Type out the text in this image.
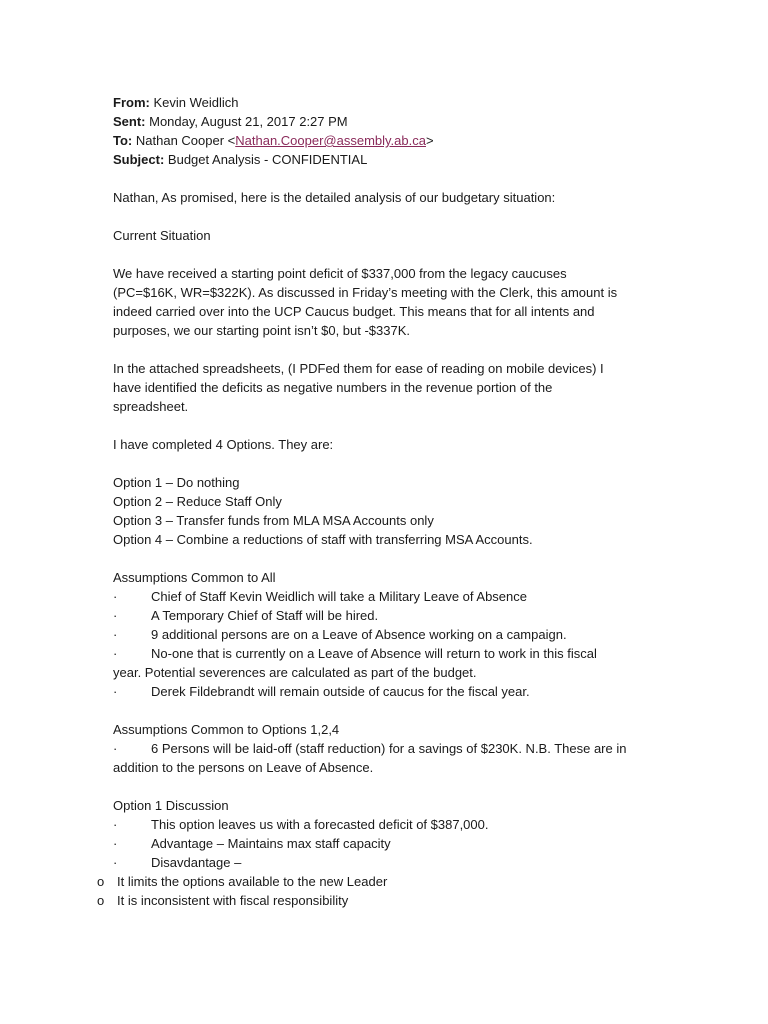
From: Kevin Weidlich
Sent: Monday, August 21, 2017 2:27 PM
To: Nathan Cooper <Nathan.Cooper@assembly.ab.ca>
Subject: Budget Analysis - CONFIDENTIAL
Nathan, As promised, here is the detailed analysis of our budgetary situation:
Current Situation
We have received a starting point deficit of $337,000 from the legacy caucuses
(PC=$16K, WR=$322K). As discussed in Friday’s meeting with the Clerk, this amount is
indeed carried over into the UCP Caucus budget. This means that for all intents and
purposes, we our starting point isn’t $0, but -$337K.
In the attached spreadsheets, (I PDFed them for ease of reading on mobile devices) I
have identified the deficits as negative numbers in the revenue portion of the
spreadsheet.
I have completed 4 Options. They are:
Option 1 – Do nothing
Option 2 – Reduce Staff Only
Option 3 – Transfer funds from MLA MSA Accounts only
Option 4 – Combine a reductions of staff with transferring MSA Accounts.
Assumptions Common to All
·	Chief of Staff Kevin Weidlich will take a Military Leave of Absence
·	A Temporary Chief of Staff will be hired.
·	9 additional persons are on a Leave of Absence working on a campaign.
·	No-one that is currently on a Leave of Absence will return to work in this fiscal
year. Potential severences are calculated as part of the budget.
·	Derek Fildebrandt will remain outside of caucus for the fiscal year.
Assumptions Common to Options 1,2,4
·	6 Persons will be laid-off (staff reduction) for a savings of $230K. N.B. These are in
addition to the persons on Leave of Absence.
Option 1 Discussion
·	This option leaves us with a forecasted deficit of $387,000.
·	Advantage – Maintains max staff capacity
·	Disavdantage –
o It limits the options available to the new Leader
o It is inconsistent with fiscal responsibility
